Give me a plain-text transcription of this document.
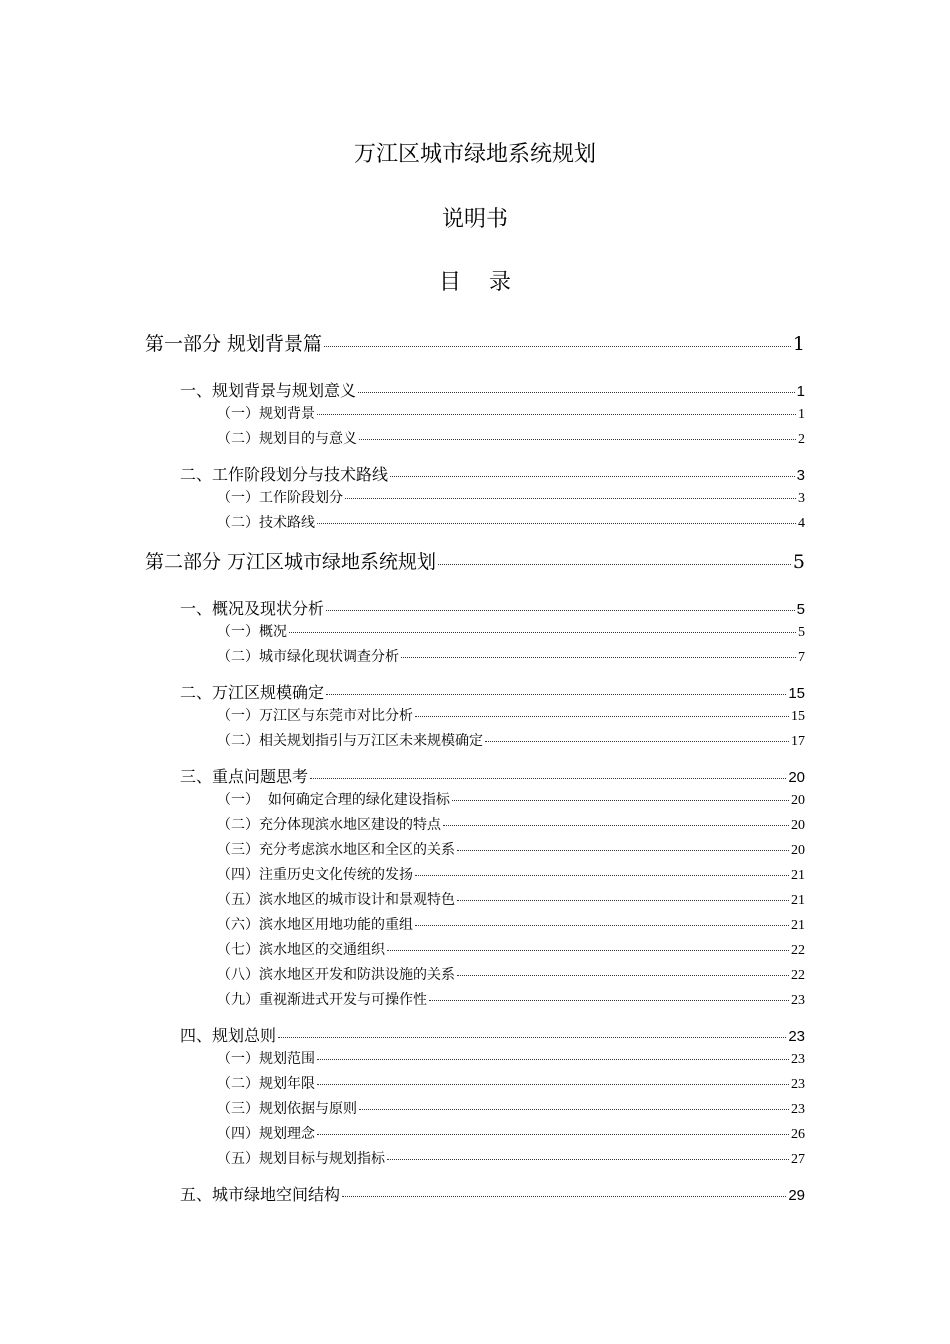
万江区城市绿地系统规划
说明书
目    录
第一部分 规划背景篇	1
一、规划背景与规划意义	1
（一）规划背景	1
（二）规划目的与意义	2
二、工作阶段划分与技术路线	3
（一）工作阶段划分	3
（二）技术路线	4
第二部分 万江区城市绿地系统规划	5
一、概况及现状分析	5
（一）概况	5
（二）城市绿化现状调查分析	7
二、万江区规模确定	15
（一）万江区与东莞市对比分析	15
（二）相关规划指引与万江区未来规模确定	17
三、重点问题思考	20
（一）  如何确定合理的绿化建设指标	20
（二）充分体现滨水地区建设的特点	20
（三）充分考虑滨水地区和全区的关系	20
（四）注重历史文化传统的发扬	21
（五）滨水地区的城市设计和景观特色	21
（六）滨水地区用地功能的重组	21
（七）滨水地区的交通组织	22
（八）滨水地区开发和防洪设施的关系	22
（九）重视渐进式开发与可操作性	23
四、规划总则	23
（一）规划范围	23
（二）规划年限	23
（三）规划依据与原则	23
（四）规划理念	26
（五）规划目标与规划指标	27
五、城市绿地空间结构	29
